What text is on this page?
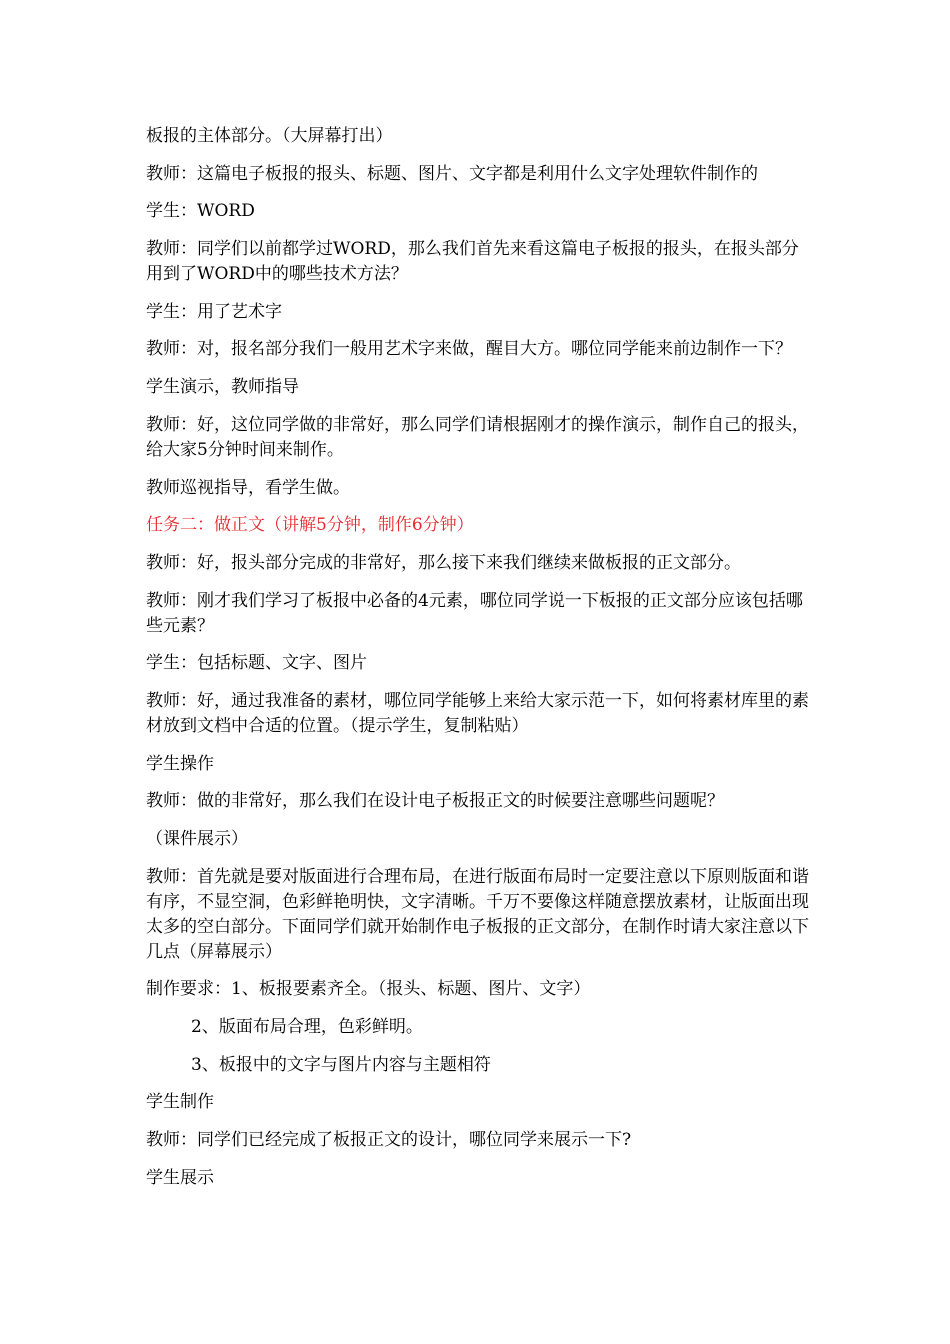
板报的主体部分。（大屏幕打出）

教师：这篇电子板报的报头、标题、图片、文字都是利用什么文字处理软件制作的

学生：WORD

教师：同学们以前都学过WORD，那么我们首先来看这篇电子板报的报头，在报头部分用到了WORD中的哪些技术方法？

学生：用了艺术字

教师：对，报名部分我们一般用艺术字来做，醒目大方。哪位同学能来前边制作一下？

学生演示，教师指导

教师：好，这位同学做的非常好，那么同学们请根据刚才的操作演示，制作自己的报头，给大家5分钟时间来制作。

教师巡视指导，看学生做。

任务二：做正文（讲解5分钟，制作6分钟）

教师：好，报头部分完成的非常好，那么接下来我们继续来做板报的正文部分。

教师：刚才我们学习了板报中必备的4元素，哪位同学说一下板报的正文部分应该包括哪些元素？

学生：包括标题、文字、图片

教师：好，通过我准备的素材，哪位同学能够上来给大家示范一下，如何将素材库里的素材放到文档中合适的位置。（提示学生，复制粘贴）

学生操作

教师：做的非常好，那么我们在设计电子板报正文的时候要注意哪些问题呢？

（课件展示）

教师：首先就是要对版面进行合理布局，在进行版面布局时一定要注意以下原则版面和谐有序，不显空洞，色彩鲜艳明快，文字清晰。千万不要像这样随意摆放素材，让版面出现太多的空白部分。下面同学们就开始制作电子板报的正文部分，在制作时请大家注意以下几点（屏幕展示）

制作要求：1、板报要素齐全。（报头、标题、图片、文字）

2、版面布局合理，色彩鲜明。

3、板报中的文字与图片内容与主题相符

学生制作

教师：同学们已经完成了板报正文的设计，哪位同学来展示一下?

学生展示
